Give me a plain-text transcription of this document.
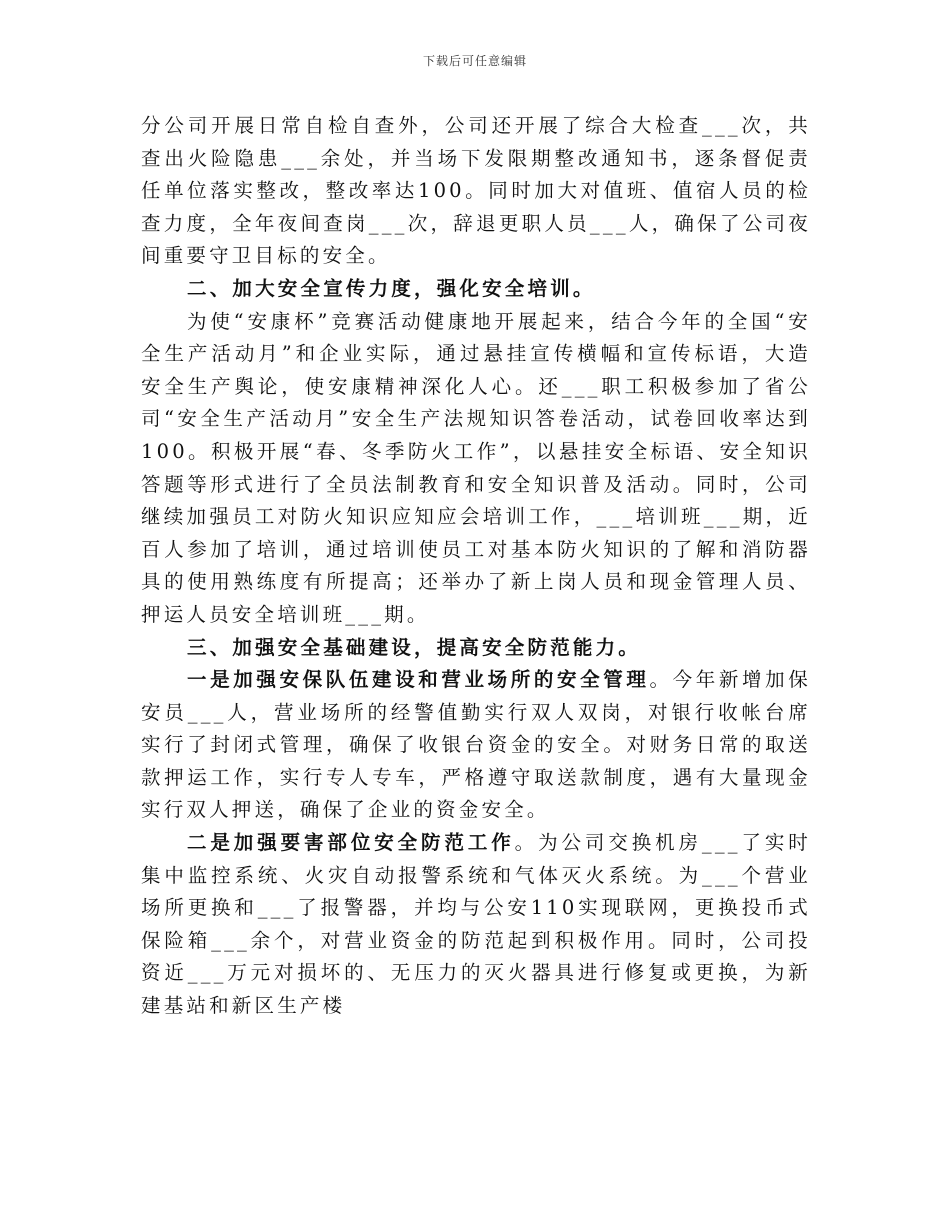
下载后可任意编辑

分公司开展日常自检自查外，公司还开展了综合大检查___次，共查出火险隐患___余处，并当场下发限期整改通知书，逐条督促责任单位落实整改，整改率达100。同时加大对值班、值宿人员的检查力度，全年夜间查岗___次，辞退更职人员___人，确保了公司夜间重要守卫目标的安全。

二、加大安全宣传力度，强化安全培训。

为使“安康杯”竞赛活动健康地开展起来，结合今年的全国“安全生产活动月”和企业实际，通过悬挂宣传横幅和宣传标语，大造安全生产舆论，使安康精神深化人心。还___职工积极参加了省公司“安全生产活动月”安全生产法规知识答卷活动，试卷回收率达到100。积极开展“春、冬季防火工作”，以悬挂安全标语、安全知识答题等形式进行了全员法制教育和安全知识普及活动。同时，公司继续加强员工对防火知识应知应会培训工作，___培训班___期，近百人参加了培训，通过培训使员工对基本防火知识的了解和消防器具的使用熟练度有所提高；还举办了新上岗人员和现金管理人员、押运人员安全培训班___期。

三、加强安全基础建设，提高安全防范能力。

一是加强安保队伍建设和营业场所的安全管理。今年新增加保安员___人，营业场所的经警值勤实行双人双岗，对银行收帐台席实行了封闭式管理，确保了收银台资金的安全。对财务日常的取送款押运工作，实行专人专车，严格遵守取送款制度，遇有大量现金实行双人押送，确保了企业的资金安全。

二是加强要害部位安全防范工作。为公司交换机房___了实时集中监控系统、火灾自动报警系统和气体灭火系统。为___个营业场所更换和___了报警器，并均与公安110实现联网，更换投币式保险箱___余个，对营业资金的防范起到积极作用。同时，公司投资近___万元对损坏的、无压力的灭火器具进行修复或更换，为新建基站和新区生产楼
